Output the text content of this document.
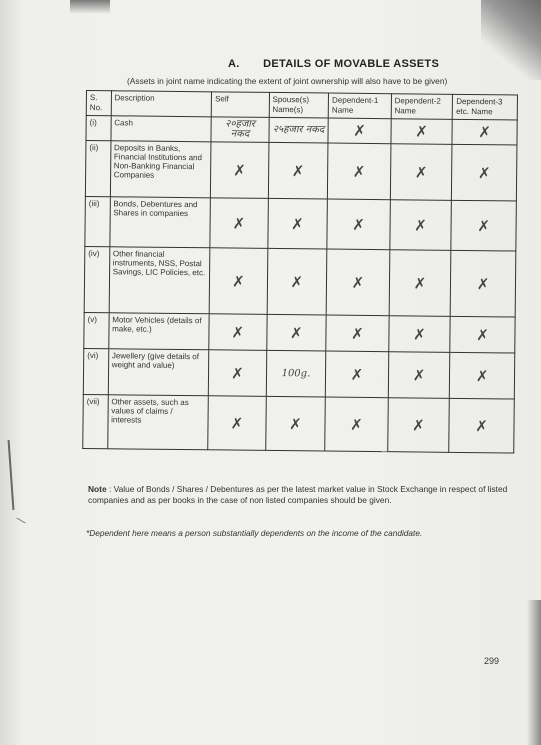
A. DETAILS OF MOVABLE ASSETS
(Assets in joint name indicating the extent of joint ownership will also have to be given)
S. No.	Description	Self	Spouse(s) Name(s)	Dependent-1 Name	Dependent-2 Name	Dependent-3 etc. Name
(i)	Cash	२०हजार नकद	२५हजार नकद	✗	✗	✗
(ii)	Deposits in Banks, Financial Institutions and Non-Banking Financial Companies	✗	✗	✗	✗	✗
(iii)	Bonds, Debentures and Shares in companies	✗	✗	✗	✗	✗
(iv)	Other financial instruments, NSS, Postal Savings, LIC Policies, etc.	✗	✗	✗	✗	✗
(v)	Motor Vehicles (details of make, etc.)	✗	✗	✗	✗	✗
(vi)	Jewellery (give details of weight and value)	✗	100g.	✗	✗	✗
(vii)	Other assets, such as values of claims / interests	✗	✗	✗	✗	✗
Note : Value of Bonds / Shares / Debentures as per the latest market value in Stock Exchange in respect of listed companies and as per books in the case of non listed companies should be given.
*Dependent here means a person substantially dependents on the income of the candidate.
299
